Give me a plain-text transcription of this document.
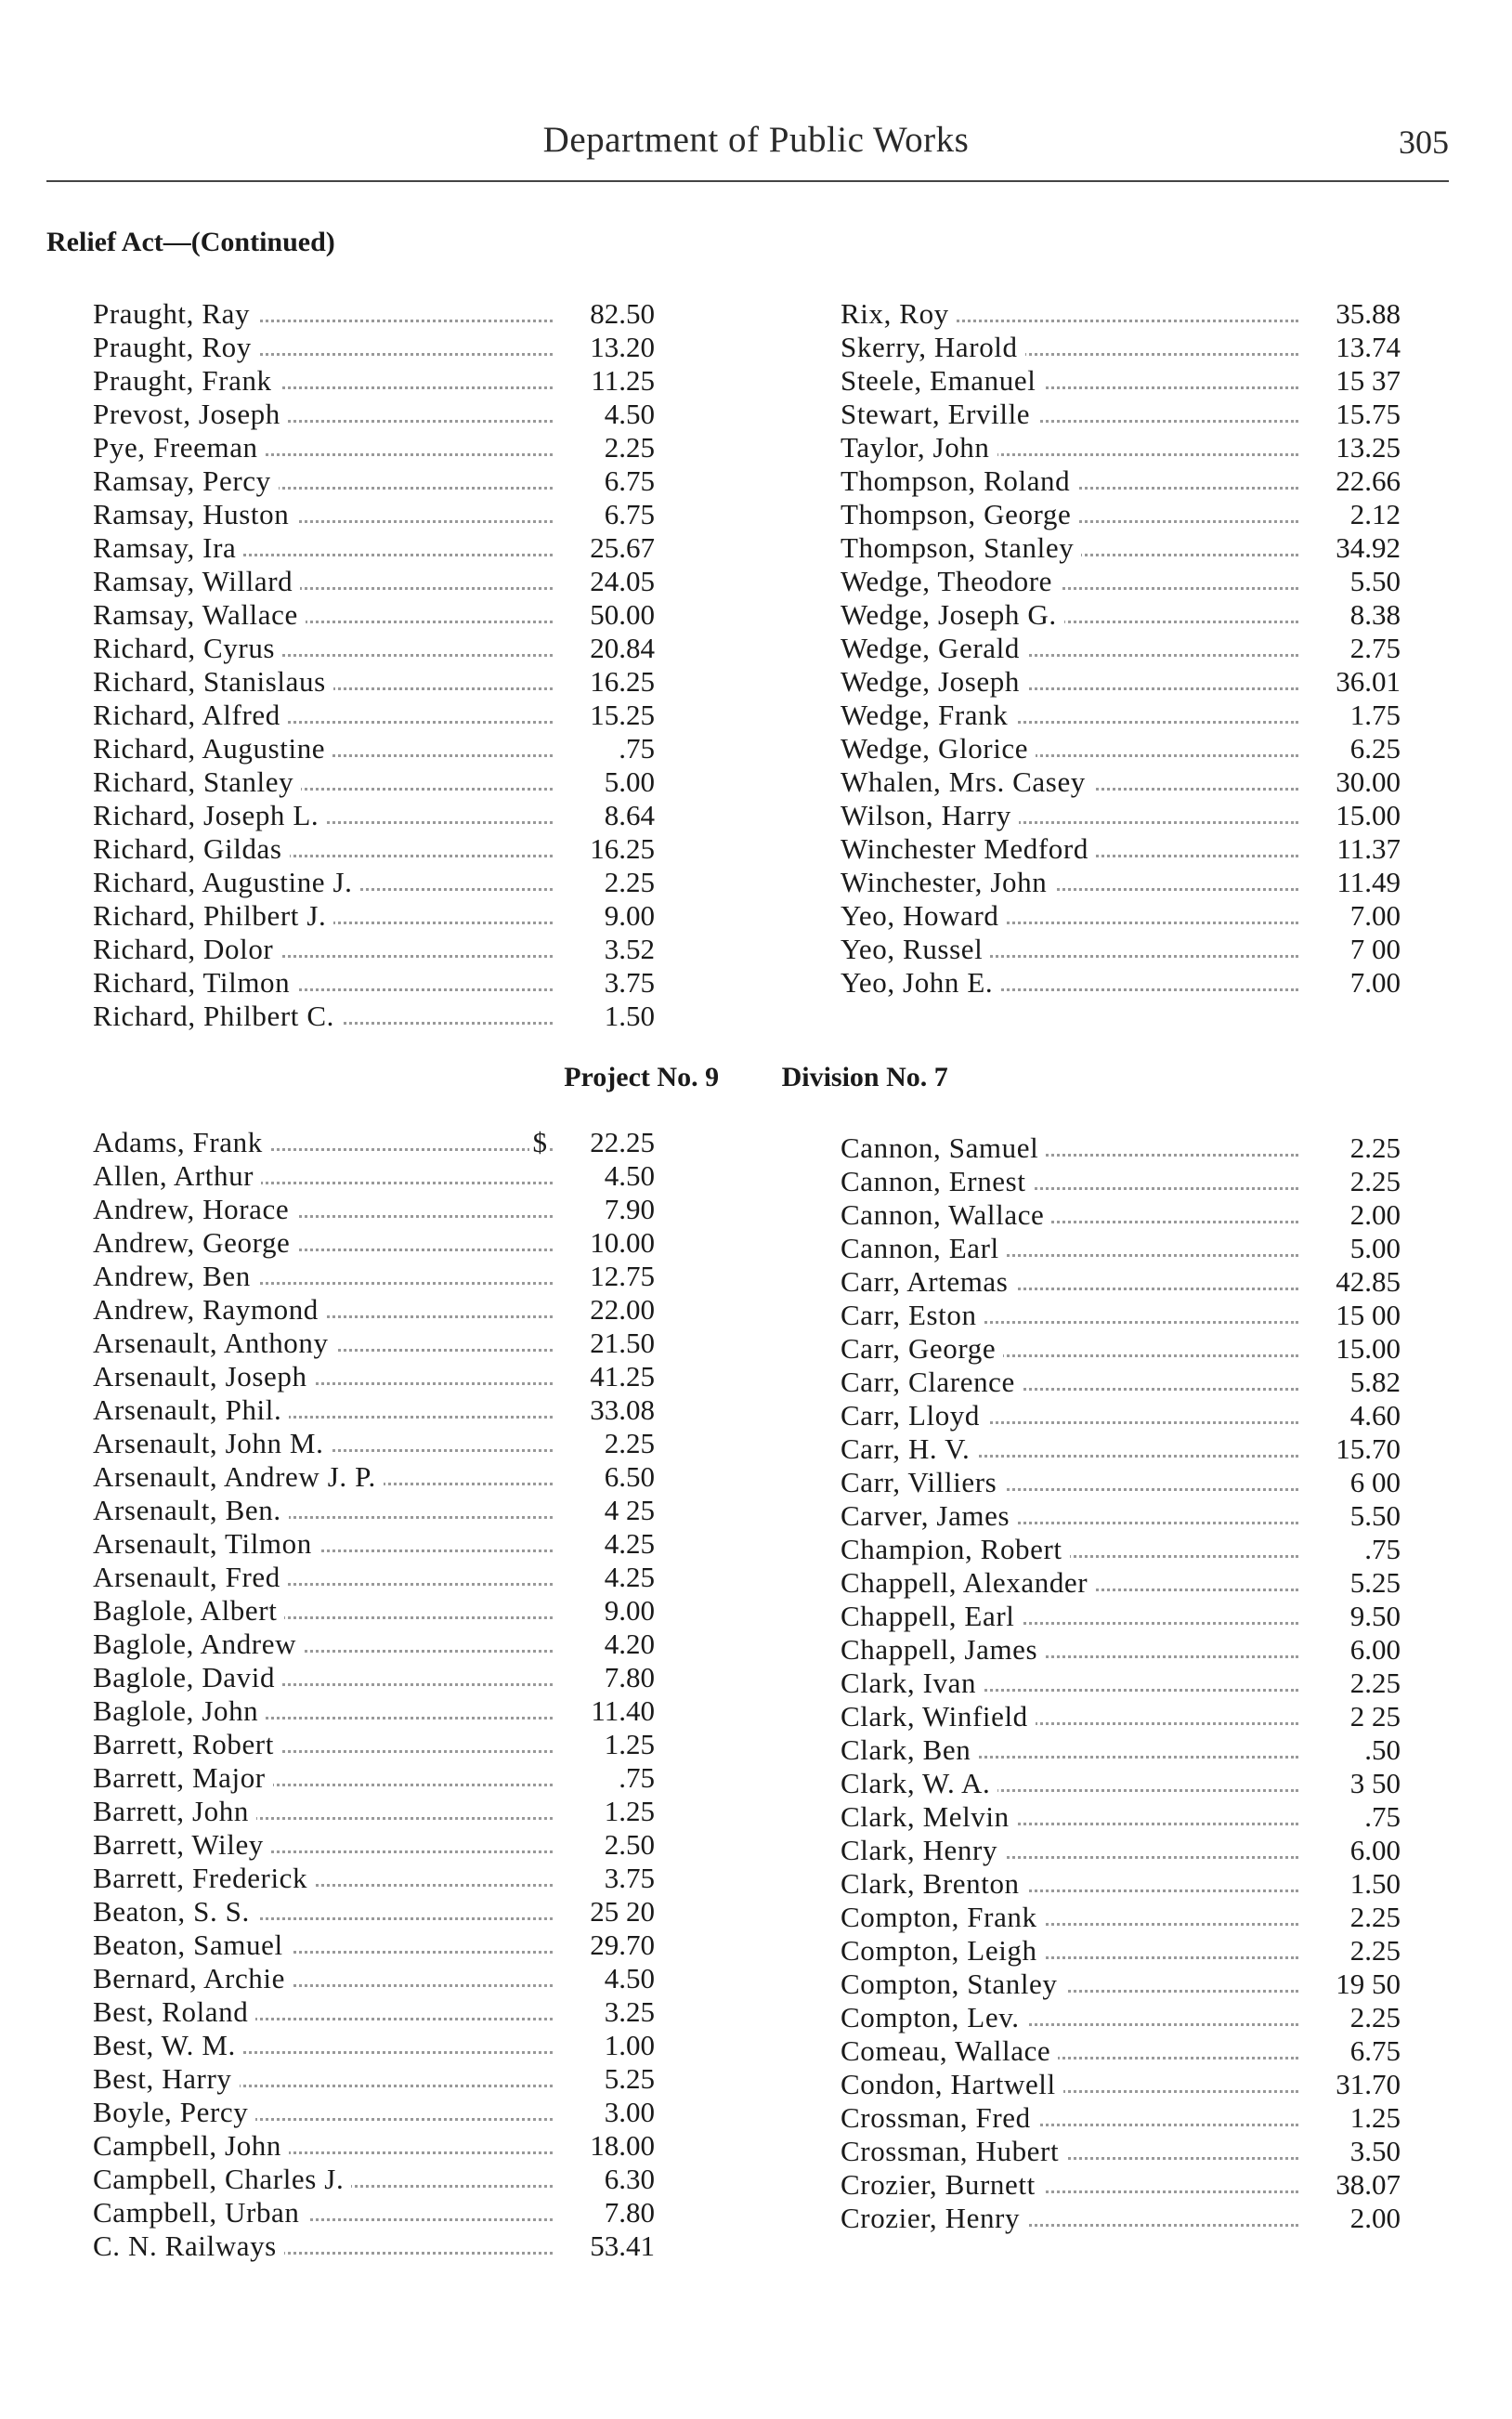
Department of Public Works	305
Relief Act—(Continued)
Praught, Ray	82.50
Praught, Roy	13.20
Praught, Frank	11.25
Prevost, Joseph	4.50
Pye, Freeman	2.25
Ramsay, Percy	6.75
Ramsay, Huston	6.75
Ramsay, Ira	25.67
Ramsay, Willard	24.05
Ramsay, Wallace	50.00
Richard, Cyrus	20.84
Richard, Stanislaus	16.25
Richard, Alfred	15.25
Richard, Augustine	.75
Richard, Stanley	5.00
Richard, Joseph L.	8.64
Richard, Gildas	16.25
Richard, Augustine J.	2.25
Richard, Philbert J.	9.00
Richard, Dolor	3.52
Richard, Tilmon	3.75
Richard, Philbert C.	1.50
Rix, Roy	35.88
Skerry, Harold	13.74
Steele, Emanuel	15 37
Stewart, Erville	15.75
Taylor, John	13.25
Thompson, Roland	22.66
Thompson, George	2.12
Thompson, Stanley	34.92
Wedge, Theodore	5.50
Wedge, Joseph G.	8.38
Wedge, Gerald	2.75
Wedge, Joseph	36.01
Wedge, Frank	1.75
Wedge, Glorice	6.25
Whalen, Mrs. Casey	30.00
Wilson, Harry	15.00
Winchester Medford	11.37
Winchester, John	11.49
Yeo, Howard	7.00
Yeo, Russel	7 00
Yeo, John E.	7.00
Project No. 9 Division No. 7
Adams, Frank	$	22.25
Allen, Arthur	4.50
Andrew, Horace	7.90
Andrew, George	10.00
Andrew, Ben	12.75
Andrew, Raymond	22.00
Arsenault, Anthony	21.50
Arsenault, Joseph	41.25
Arsenault, Phil.	33.08
Arsenault, John M.	2.25
Arsenault, Andrew J. P.	6.50
Arsenault, Ben.	4 25
Arsenault, Tilmon	4.25
Arsenault, Fred	4.25
Baglole, Albert	9.00
Baglole, Andrew	4.20
Baglole, David	7.80
Baglole, John	11.40
Barrett, Robert	1.25
Barrett, Major	.75
Barrett, John	1.25
Barrett, Wiley	2.50
Barrett, Frederick	3.75
Beaton, S. S.	25 20
Beaton, Samuel	29.70
Bernard, Archie	4.50
Best, Roland	3.25
Best, W. M.	1.00
Best, Harry	5.25
Boyle, Percy	3.00
Campbell, John	18.00
Campbell, Charles J.	6.30
Campbell, Urban	7.80
C. N. Railways	53.41
Cannon, Samuel	2.25
Cannon, Ernest	2.25
Cannon, Wallace	2.00
Cannon, Earl	5.00
Carr, Artemas	42.85
Carr, Eston	15 00
Carr, George	15.00
Carr, Clarence	5.82
Carr, Lloyd	4.60
Carr, H. V.	15.70
Carr, Villiers	6 00
Carver, James	5.50
Champion, Robert	.75
Chappell, Alexander	5.25
Chappell, Earl	9.50
Chappell, James	6.00
Clark, Ivan	2.25
Clark, Winfield	2 25
Clark, Ben	.50
Clark, W. A.	3 50
Clark, Melvin	.75
Clark, Henry	6.00
Clark, Brenton	1.50
Compton, Frank	2.25
Compton, Leigh	2.25
Compton, Stanley	19 50
Compton, Lev.	2.25
Comeau, Wallace	6.75
Condon, Hartwell	31.70
Crossman, Fred	1.25
Crossman, Hubert	3.50
Crozier, Burnett	38.07
Crozier, Henry	2.00
